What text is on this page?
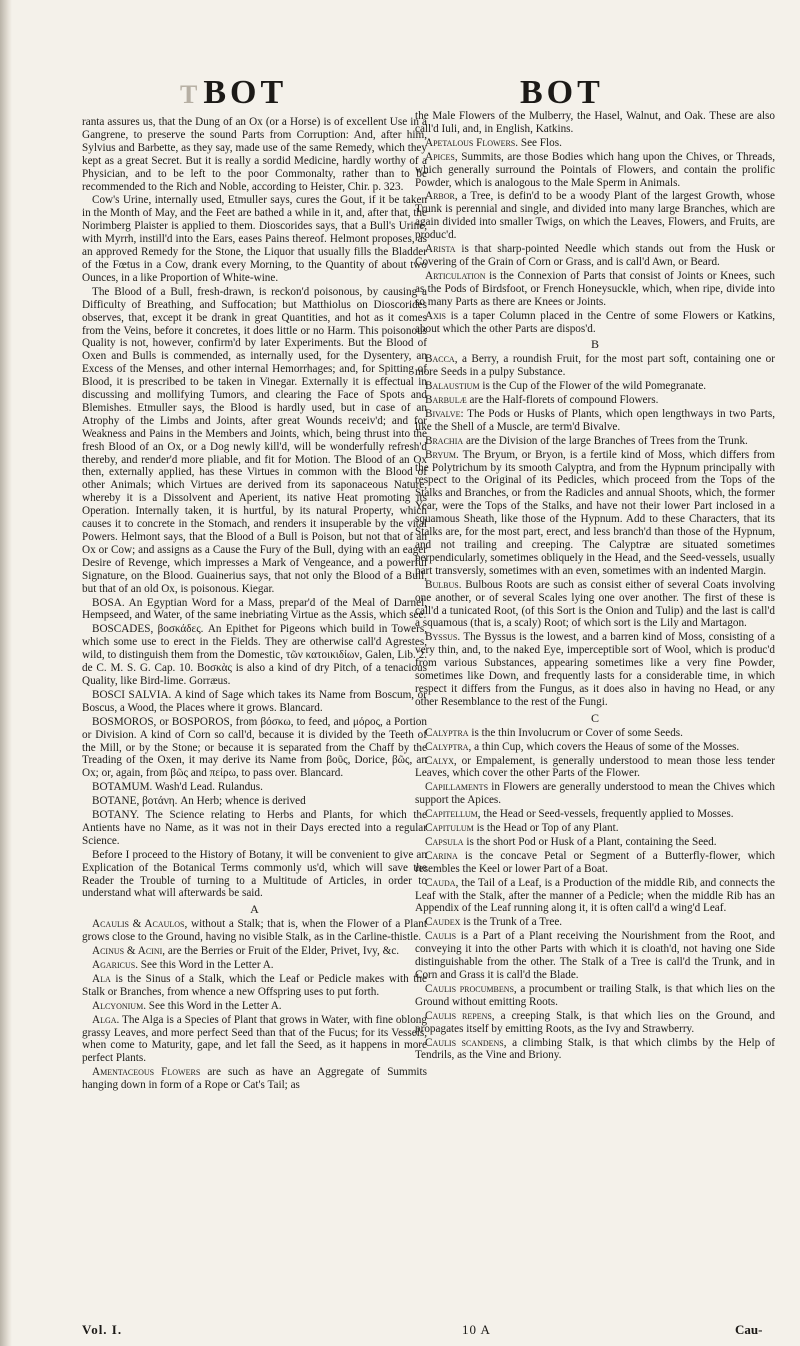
TBOT	BOT

ranta assures us, that the Dung of an Ox (or a Horse) is of excellent Use in a Gangrene, to preserve the sound Parts from Corruption: And, after him, Sylvius and Barbette, as they say, made use of the same Remedy, which they kept as a great Secret. But it is really a sordid Medicine, hardly worthy of a Physician, and to be left to the poor Commonalty, rather than to be recommended to the Rich and Noble, according to Heister, Chir. p. 323.

Cow's Urine, internally used, Etmuller says, cures the Gout, if it be taken in the Month of May, and the Feet are bathed a while in it, and, after that, the Norimberg Plaister is applied to them. Dioscorides says, that a Bull's Urine, with Myrrh, instill'd into the Ears, eases Pains thereof. Helmont proposes, as an approved Remedy for the Stone, the Liquor that usually fills the Bladder of the Fœtus in a Cow, drank every Morning, to the Quantity of about two Ounces, in a like Proportion of White-wine.

The Blood of a Bull, fresh-drawn, is reckon'd poisonous, by causing a Difficulty of Breathing, and Suffocation; but Matthiolus on Dioscorides observes, that, except it be drank in great Quantities, and hot as it comes from the Veins, before it concretes, it does little or no Harm. This poisonous Quality is not, however, confirm'd by later Experiments. But the Blood of Oxen and Bulls is commended, as internally used, for the Dysentery, an Excess of the Menses, and other internal Hemorrhages; and, for Spitting of Blood, it is prescribed to be taken in Vinegar. Externally it is effectual in discussing and mollifying Tumors, and clearing the Face of Spots and Blemishes. Etmuller says, the Blood is hardly used, but in case of an Atrophy of the Limbs and Joints, after great Wounds receiv'd; and for Weakness and Pains in the Members and Joints, which, being thrust into the fresh Blood of an Ox, or a Dog newly kill'd, will be wonderfully refresh'd thereby, and render'd more pliable, and fit for Motion. The Blood of an Ox then, externally applied, has these Virtues in common with the Blood of other Animals; which Virtues are derived from its saponaceous Nature, whereby it is a Dissolvent and Aperient, its native Heat promoting its Operation. Internally taken, it is hurtful, by its natural Property, which causes it to concrete in the Stomach, and renders it insuperable by the vital Powers. Helmont says, that the Blood of a Bull is Poison, but not that of an Ox or Cow; and assigns as a Cause the Fury of the Bull, dying with an eager Desire of Revenge, which impresses a Mark of Vengeance, and a powerful Signature, on the Blood. Guainerius says, that not only the Blood of a Bull, but that of an old Ox, is poisonous. Kiegar.

BOSA. An Egyptian Word for a Mass, prepar'd of the Meal of Darnel, Hempseed, and Water, of the same inebriating Virtue as the Assis, which see.

BOSCADES, βοσκάδες. An Epithet for Pigeons which build in Towers, which some use to erect in the Fields. They are otherwise call'd Agrestes, wild, to distinguish them from the Domestic, τῶν κατοικιδίων, Galen, Lib. 2. de C. M. S. G. Cap. 10. Βοσκὰς is also a kind of dry Pitch, of a tenacious Quality, like Bird-lime. Gorræus.

BOSCI SALVIA. A kind of Sage which takes its Name from Boscum, or Boscus, a Wood, the Places where it grows. Blancard.

BOSMOROS, or BOSPOROS, from βόσκω, to feed, and μόρος, a Portion or Division. A kind of Corn so call'd, because it is divided by the Teeth of the Mill, or by the Stone; or because it is separated from the Chaff by the Treading of the Oxen, it may derive its Name from βοῦς, Dorice, βῶς, an Ox; or, again, from βῶς and πείρω, to pass over. Blancard.

BOTAMUM. Wash'd Lead. Rulandus.

BOTANE, βοτάνη. An Herb; whence is derived

BOTANY. The Science relating to Herbs and Plants, for which the Antients have no Name, as it was not in their Days erected into a regular Science.

Before I proceed to the History of Botany, it will be convenient to give an Explication of the Botanical Terms commonly us'd, which will save the Reader the Trouble of turning to a Multitude of Articles, in order to understand what will afterwards be said.

A

Acaulis & Acaulos, without a Stalk; that is, when the Flower of a Plant grows close to the Ground, having no visible Stalk, as in the Carline-thistle.

Acinus & Acini, are the Berries or Fruit of the Elder, Privet, Ivy, &c.

Agaricus. See this Word in the Letter A.

Ala is the Sinus of a Stalk, which the Leaf or Pedicle makes with the Stalk or Branches, from whence a new Offspring uses to put forth.

Alcyonium. See this Word in the Letter A.

Alga. The Alga is a Species of Plant that grows in Water, with fine oblong grassy Leaves, and more perfect Seed than that of the Fucus; for its Vessels, when come to Maturity, gape, and let fall the Seed, as it happens in more perfect Plants.

Amentaceous Flowers are such as have an Aggregate of Summits hanging down in form of a Rope or Cat's Tail; as

the Male Flowers of the Mulberry, the Hasel, Walnut, and Oak. These are also call'd Iuli, and, in English, Katkins.

Apetalous Flowers. See Flos.

Apices, Summits, are those Bodies which hang upon the Chives, or Threads, which generally surround the Pointals of Flowers, and contain the prolific Powder, which is analogous to the Male Sperm in Animals.

Arbor, a Tree, is defin'd to be a woody Plant of the largest Growth, whose Trunk is perennial and single, and divided into many large Branches, which are again divided into smaller Twigs, on which the Leaves, Flowers, and Fruits, are produc'd.

Arista is that sharp-pointed Needle which stands out from the Husk or Covering of the Grain of Corn or Grass, and is call'd Awn, or Beard.

Articulation is the Connexion of Parts that consist of Joints or Knees, such as the Pods of Birdsfoot, or French Honeysuckle, which, when ripe, divide into so many Parts as there are Knees or Joints.

Axis is a taper Column placed in the Centre of some Flowers or Katkins, about which the other Parts are dispos'd.

B

Bacca, a Berry, a roundish Fruit, for the most part soft, containing one or more Seeds in a pulpy Substance.

Balaustium is the Cup of the Flower of the wild Pomegranate.

Barbulæ are the Half-florets of compound Flowers.

Bivalve: The Pods or Husks of Plants, which open lengthways in two Parts, like the Shell of a Muscle, are term'd Bivalve.

Brachia are the Division of the large Branches of Trees from the Trunk.

Bryum. The Bryum, or Bryon, is a fertile kind of Moss, which differs from the Polytrichum by its smooth Calyptra, and from the Hypnum principally with respect to the Original of its Pedicles, which proceed from the Tops of the Stalks and Branches, or from the Radicles and annual Shoots, which, the former Year, were the Tops of the Stalks, and have not their lower Part inclosed in a squamous Sheath, like those of the Hypnum. Add to these Characters, that its Stalks are, for the most part, erect, and less branch'd than those of the Hypnum, and not trailing and creeping. The Calyptræ are situated sometimes perpendicularly, sometimes obliquely in the Head, and the Seed-vessels, usually part transversly, sometimes with an even, sometimes with an indented Margin.

Bulbus. Bulbous Roots are such as consist either of several Coats involving one another, or of several Scales lying one over another. The first of these is call'd a tunicated Root, (of this Sort is the Onion and Tulip) and the last is call'd a squamous (that is, a scaly) Root; of which sort is the Lily and Martagon.

Byssus. The Byssus is the lowest, and a barren kind of Moss, consisting of a very thin, and, to the naked Eye, imperceptible sort of Wool, which is produc'd from various Substances, appearing sometimes like a very fine Powder, sometimes like Down, and frequently lasts for a considerable time, in which respect it differs from the Fungus, as it does also in having no Head, or any other Resemblance to the rest of the Fungi.

C

Calyptra is the thin Involucrum or Cover of some Seeds.

Calyptra, a thin Cup, which covers the Heaus of some of the Mosses.

Calyx, or Empalement, is generally understood to mean those less tender Leaves, which cover the other Parts of the Flower.

Capillaments in Flowers are generally understood to mean the Chives which support the Apices.

Capitellum, the Head or Seed-vessels, frequently applied to Mosses.

Capitulum is the Head or Top of any Plant.

Capsula is the short Pod or Husk of a Plant, containing the Seed.

Carina is the concave Petal or Segment of a Butterfly-flower, which resembles the Keel or lower Part of a Boat.

Cauda, the Tail of a Leaf, is a Production of the middle Rib, and connects the Leaf with the Stalk, after the manner of a Pedicle; when the middle Rib has an Appendix of the Leaf running along it, it is often call'd a wing'd Leaf.

Caudex is the Trunk of a Tree.

Caulis is a Part of a Plant receiving the Nourishment from the Root, and conveying it into the other Parts with which it is cloath'd, not having one Side distinguishable from the other. The Stalk of a Tree is call'd the Trunk, and in Corn and Grass it is call'd the Blade.

Caulis procumbens, a procumbent or trailing Stalk, is that which lies on the Ground without emitting Roots.

Caulis repens, a creeping Stalk, is that which lies on the Ground, and propagates itself by emitting Roots, as the Ivy and Strawberry.

Caulis scandens, a climbing Stalk, is that which climbs by the Help of Tendrils, as the Vine and Briony.

Vol. I.	10 A	Cau-
